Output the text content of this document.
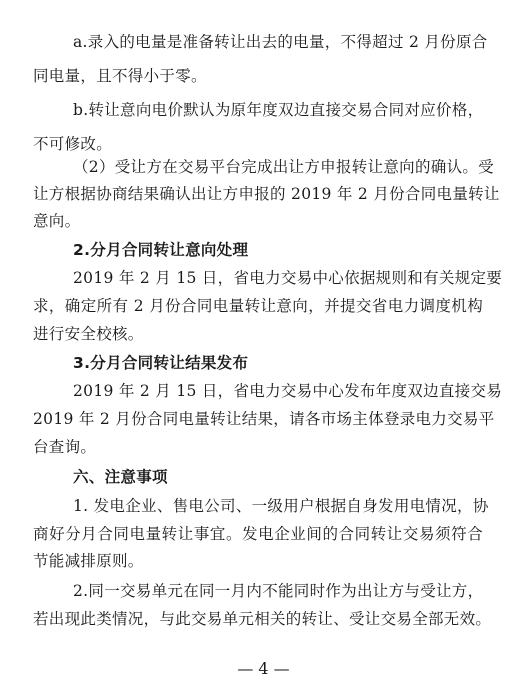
a.录入的电量是准备转让出去的电量，不得超过 2 月份原合
同电量，且不得小于零。
b.转让意向电价默认为原年度双边直接交易合同对应价格，
不可修改。
（2）受让方在交易平台完成出让方申报转让意向的确认。受
让方根据协商结果确认出让方申报的 2019 年 2 月份合同电量转让
意向。
2.分月合同转让意向处理
2019 年 2 月 15 日，省电力交易中心依据规则和有关规定要
求，确定所有 2 月份合同电量转让意向，并提交省电力调度机构
进行安全校核。
3.分月合同转让结果发布
2019 年 2 月 15 日，省电力交易中心发布年度双边直接交易
2019 年 2 月份合同电量转让结果，请各市场主体登录电力交易平
台查询。
六、注意事项
1. 发电企业、售电公司、一级用户根据自身发用电情况，协
商好分月合同电量转让事宜。发电企业间的合同转让交易须符合
节能减排原则。
2.同一交易单元在同一月内不能同时作为出让方与受让方，
若出现此类情况，与此交易单元相关的转让、受让交易全部无效。
— 4 —
